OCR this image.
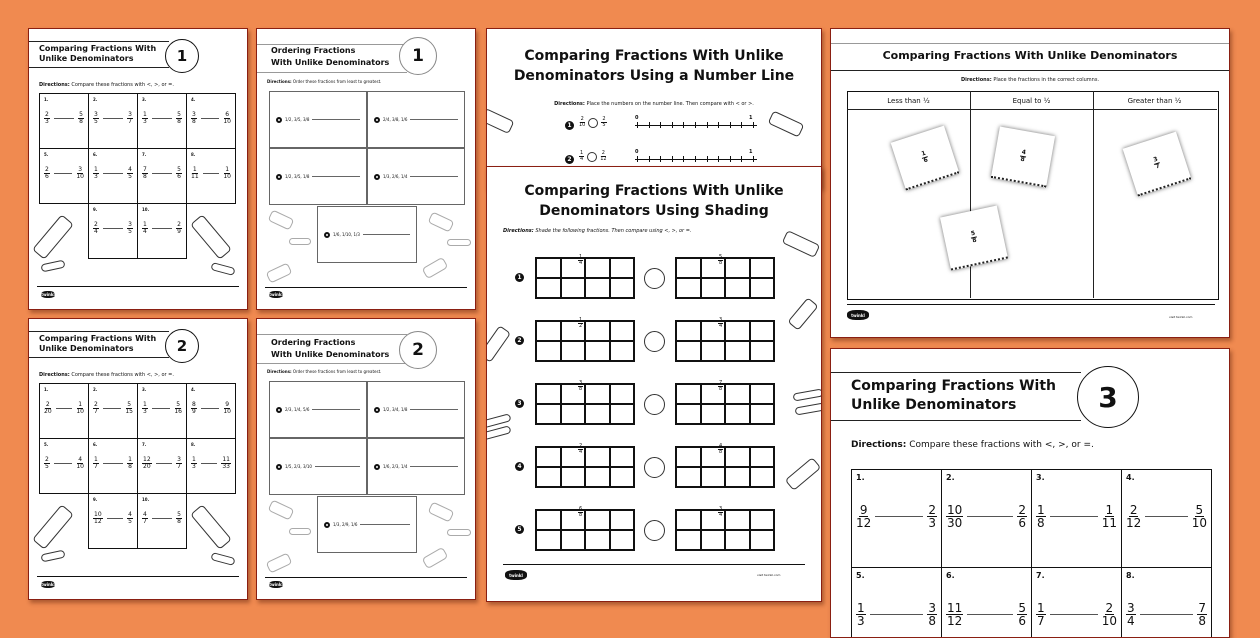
Comparing Fractions With
Unlike Denominators	1
Directions: Compare these fractions with <, >, or =.
1.
$\frac{2}{3}$	$\frac{5}{8}$
2.
$\frac{3}{5}$	$\frac{3}{7}$
3.
$\frac{1}{3}$	$\frac{5}{8}$
4.
$\frac{3}{8}$	$\frac{6}{10}$
5.
$\frac{2}{6}$	$\frac{3}{10}$
6.
$\frac{1}{3}$	$\frac{4}{5}$
7.
$\frac{7}{8}$	$\frac{5}{6}$
8.
$\frac{1}{11}$	$\frac{1}{10}$
9.
$\frac{2}{4}$	$\frac{3}{5}$
10.
$\frac{1}{4}$	$\frac{2}{9}$
twinkl
Comparing Fractions With
Unlike Denominators	2
Directions: Compare these fractions with <, >, or =.
1.
$\frac{2}{20}$	$\frac{1}{10}$
2.
$\frac{2}{7}$	$\frac{5}{15}$
3.
$\frac{1}{3}$	$\frac{5}{16}$
4.
$\frac{8}{9}$	$\frac{9}{10}$
5.
$\frac{2}{5}$	$\frac{4}{10}$
6.
$\frac{1}{7}$	$\frac{1}{8}$
7.
$\frac{12}{20}$	$\frac{3}{7}$
8.
$\frac{1}{3}$	$\frac{11}{33}$
9.
$\frac{10}{12}$	$\frac{4}{5}$
10.
$\frac{4}{7}$	$\frac{5}{8}$
twinkl
Ordering Fractions
With Unlike Denominators	1
Directions: Order these fractions from least to greatest.
1/2, 3/5, 3/8	2/4, 3/8, 1/6
1/2, 3/5, 1/8	1/3, 2/6, 1/4
1/6, 1/10, 1/3
twinkl
Ordering Fractions
With Unlike Denominators	2
Directions: Order these fractions from least to greatest.
2/3, 1/4, 5/6	1/2, 3/4, 1/8
1/5, 2/3, 3/10	1/6, 2/3, 1/4
1/3, 2/9, 1/6
twinkl
Comparing Fractions With Unlike
Denominators Using a Number Line
Directions: Place the numbers on the number line. Then compare with < or >.
1	$\frac{2}{10}$	$\frac{2}{5}$	0	1
2	$\frac{1}{4}$	$\frac{2}{12}$	0	1
Comparing Fractions With Unlike
Denominators Using Shading
Directions: Shade the following fractions. Then compare using <, >, or =.
1
$\frac{1}{4}$	$\frac{5}{8}$
2
$\frac{1}{2}$	$\frac{3}{4}$
3
$\frac{3}{8}$	$\frac{7}{8}$
4
$\frac{2}{4}$	$\frac{4}{8}$
5
$\frac{6}{8}$	$\frac{3}{4}$
twinkl	visit twinkl.com
Comparing Fractions With Unlike Denominators
Directions: Place the fractions in the correct columns.
Less than ½	Equal to ½	Greater than ½
$\frac{1}{6}$	$\frac{4}{8}$	$\frac{3}{7}$
$\frac{5}{8}$
twinkl	visit twinkl.com
Comparing Fractions With
Unlike Denominators	3
Directions: Compare these fractions with <, >, or =.
1.
$\frac{9}{12}$	$\frac{2}{3}$
2.
$\frac{10}{30}$	$\frac{2}{6}$
3.
$\frac{1}{8}$	$\frac{1}{11}$
4.
$\frac{2}{12}$	$\frac{5}{10}$
5.
$\frac{1}{3}$	$\frac{3}{8}$
6.
$\frac{11}{12}$	$\frac{5}{6}$
7.
$\frac{1}{7}$	$\frac{2}{10}$
8.
$\frac{3}{4}$	$\frac{7}{8}$
